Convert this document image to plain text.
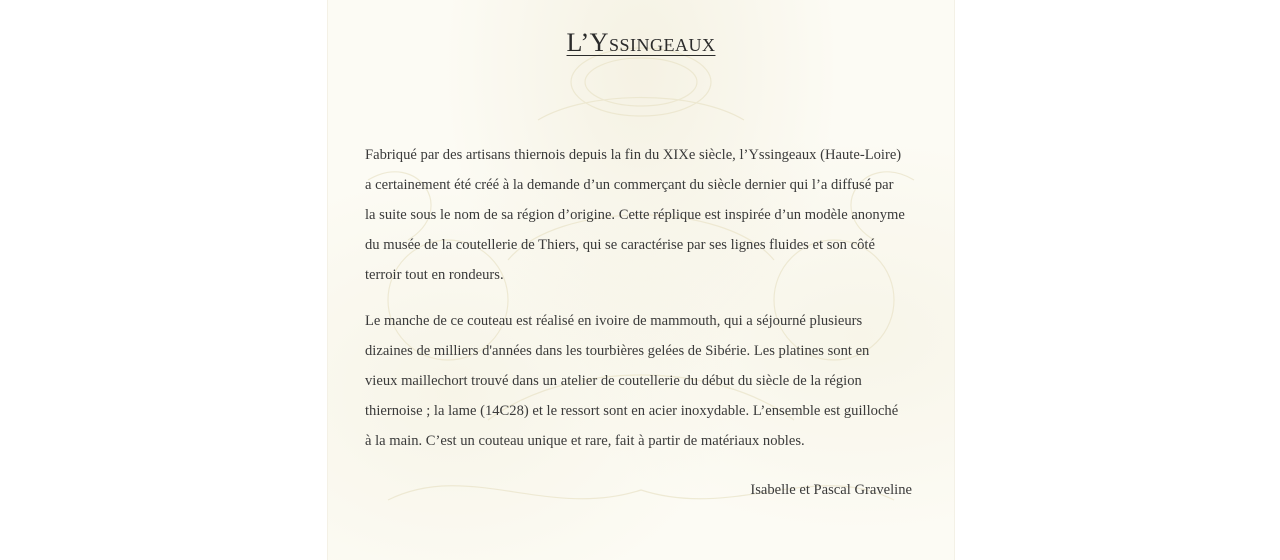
L’Yssingeaux

Fabriqué par des artisans thiernois depuis la fin du XIXe siècle, l’Yssingeaux (Haute-Loire) a certainement été créé à la demande d’un commerçant du siècle dernier qui l’a diffusé par la suite sous le nom de sa région d’origine. Cette réplique est inspirée d’un modèle anonyme du musée de la coutellerie de Thiers, qui se caractérise par ses lignes fluides et son côté terroir tout en rondeurs.

Le manche de ce couteau est réalisé en ivoire de mammouth, qui a séjourné plusieurs dizaines de milliers d'années dans les tourbières gelées de Sibérie. Les platines sont en vieux maillechort trouvé dans un atelier de coutellerie du début du siècle de la région thiernoise ; la lame (14C28) et le ressort sont en acier inoxydable. L’ensemble est guilloché à la main. C’est un couteau unique et rare, fait à partir de matériaux nobles.

Isabelle et Pascal Graveline
